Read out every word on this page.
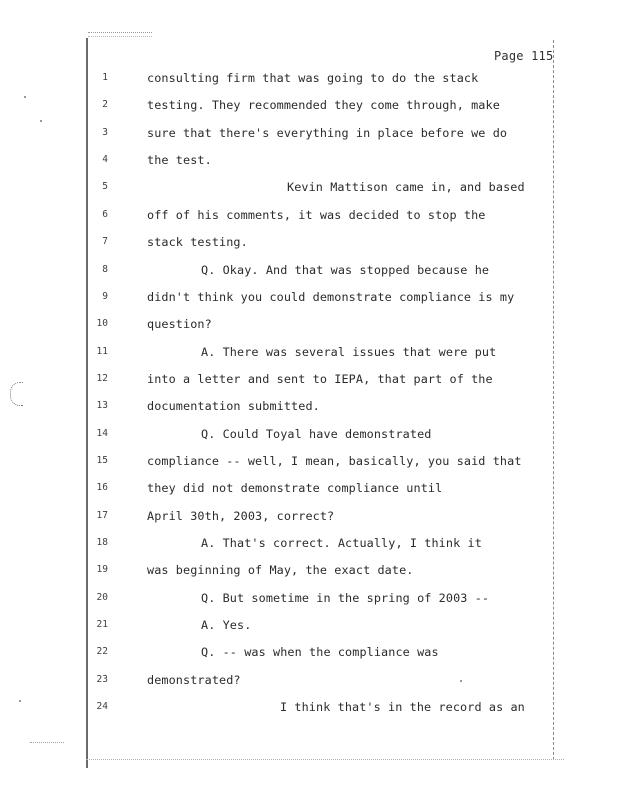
Page 115
1	consulting firm that was going to do the stack
2	testing. They recommended they come through, make
3	sure that there's everything in place before we do
4	the test.
5	Kevin Mattison came in, and based
6	off of his comments, it was decided to stop the
7	stack testing.
8	Q. Okay. And that was stopped because he
9	didn't think you could demonstrate compliance is my
10	question?
11	A. There was several issues that were put
12	into a letter and sent to IEPA, that part of the
13	documentation submitted.
14	Q. Could Toyal have demonstrated
15	compliance -- well, I mean, basically, you said that
16	they did not demonstrate compliance until
17	April 30th, 2003, correct?
18	A. That's correct. Actually, I think it
19	was beginning of May, the exact date.
20	Q. But sometime in the spring of 2003 --
21	A. Yes.
22	Q. -- was when the compliance was
23	demonstrated?
24	I think that's in the record as an
